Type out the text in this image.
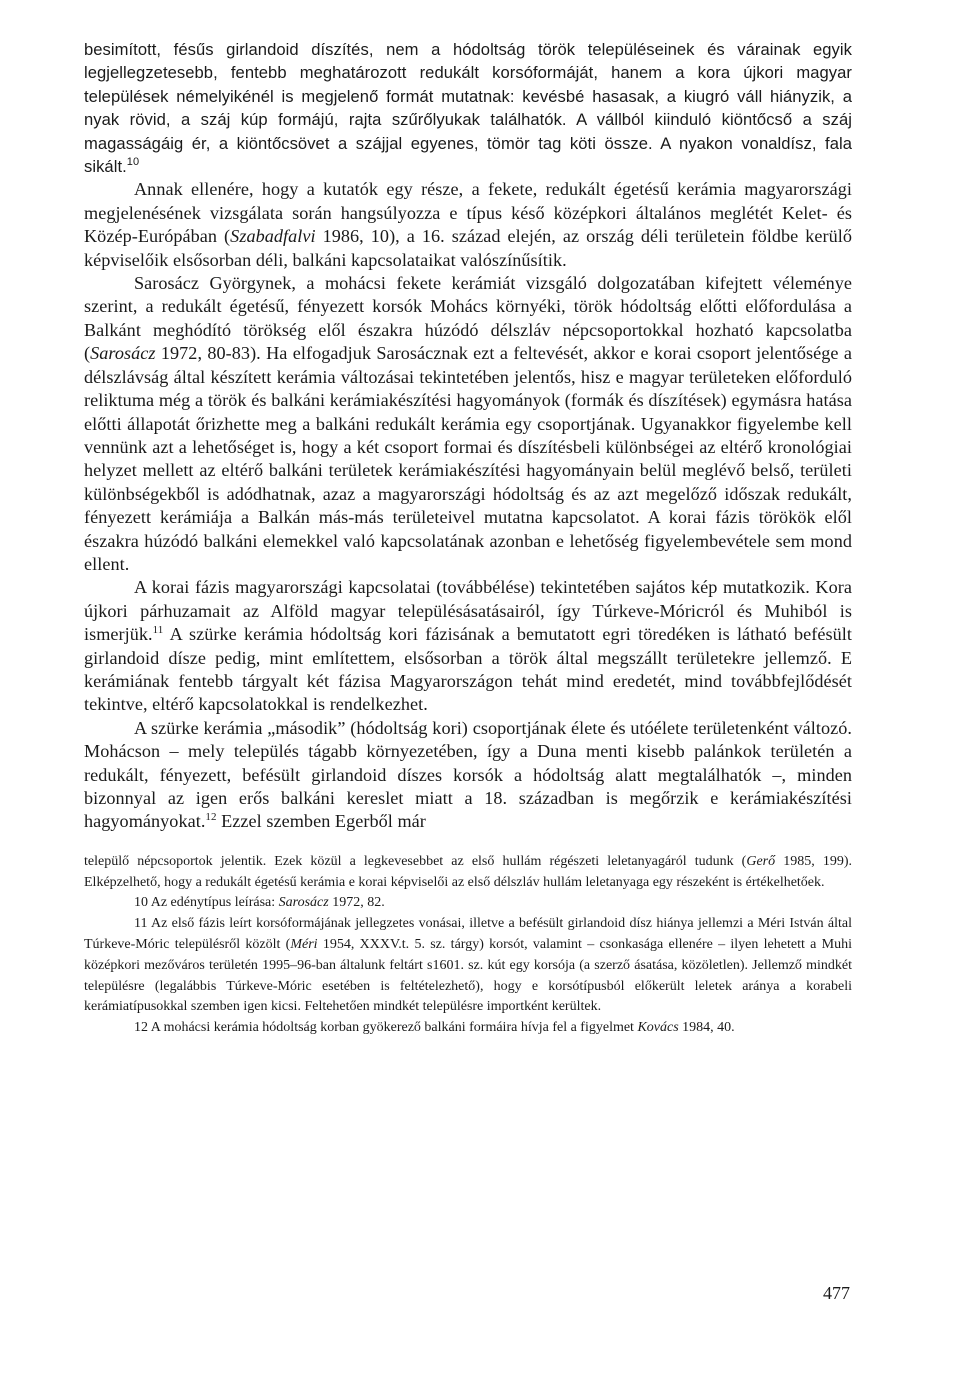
besimított, fésűs girlandoid díszítés, nem a hódoltság török településeinek és várainak egyik legjellegzetesebb, fentebb meghatározott redukált korsóformáját, hanem a kora újkori magyar települések némelyikénél is megjelenő formát mutatnak: kevésbé hasasak, a kiugró váll hiányzik, a nyak rövid, a száj kúp formájú, rajta szűrőlyukak találhatók. A vállból kiinduló kiöntőcső a száj magasságáig ér, a kiöntőcsövet a szájjal egyenes, tömör tag köti össze. A nyakon vonaldísz, fala sikált.$^{10}$

Annak ellenére, hogy a kutatók egy része, a fekete, redukált égetésű kerámia magyarországi megjelenésének vizsgálata során hangsúlyozza e típus késő középkori általános meglétét Kelet- és Közép-Európában (Szabadfalvi 1986, 10), a 16. század elején, az ország déli területein földbe kerülő képviselőik elsősorban déli, balkáni kapcsolataikat valószínűsítik.

Sarosácz Györgynek, a mohácsi fekete kerámiát vizsgáló dolgozatában kifejtett véleménye szerint, a redukált égetésű, fényezett korsók Mohács környéki, török hódoltság előtti előfordulása a Balkánt meghódító törökség elől északra húzódó délszláv népcsoportokkal hozható kapcsolatba (Sarosácz 1972, 80-83). Ha elfogadjuk Sarosácznak ezt a feltevését, akkor e korai csoport jelentősége a délszlávság által készített kerámia változásai tekintetében jelentős, hisz e magyar területeken előforduló reliktuma még a török és balkáni kerámiakészítési hagyományok (formák és díszítések) egymásra hatása előtti állapotát őrizhette meg a balkáni redukált kerámia egy csoportjának. Ugyanakkor figyelembe kell vennünk azt a lehetőséget is, hogy a két csoport formai és díszítésbeli különbségei az eltérő kronológiai helyzet mellett az eltérő balkáni területek kerámiakészítési hagyományain belül meglévő belső, területi különbségekből is adódhatnak, azaz a magyarországi hódoltság és az azt megelőző időszak redukált, fényezett kerámiája a Balkán más-más területeivel mutatna kapcsolatot. A korai fázis törökök elől északra húzódó balkáni elemekkel való kapcsolatának azonban e lehetőség figyelembevétele sem mond ellent.

A korai fázis magyarországi kapcsolatai (továbbélése) tekintetében sajátos kép mutatkozik. Kora újkori párhuzamait az Alföld magyar településásatásairól, így Túrkeve-Móricról és Muhiból is ismerjük.$^{11}$ A szürke kerámia hódoltság kori fázisának a bemutatott egri töredéken is látható befésült girlandoid dísze pedig, mint említettem, elsősorban a török által megszállt területekre jellemző. E kerámiának fentebb tárgyalt két fázisa Magyarországon tehát mind eredetét, mind továbbfejlődését tekintve, eltérő kapcsolatokkal is rendelkezhet.

A szürke kerámia „második” (hódoltság kori) csoportjának élete és utóélete területenként változó. Mohácson – mely település tágabb környezetében, így a Duna menti kisebb palánkok területén a redukált, fényezett, befésült girlandoid díszes korsók a hódoltság alatt megtalálhatók –, minden bizonnyal az igen erős balkáni kereslet miatt a 18. században is megőrzik e kerámiakészítési hagyományokat.$^{12}$ Ezzel szemben Egerből már

települő népcsoportok jelentik. Ezek közül a legkevesebbet az első hullám régészeti leletanyagáról tudunk (Gerő 1985, 199). Elképzelhető, hogy a redukált égetésű kerámia e korai képviselői az első délszláv hullám leletanyaga egy részeként is értékelhetőek.

10 Az edénytípus leírása: Sarosácz 1972, 82.

11 Az első fázis leírt korsóformájának jellegzetes vonásai, illetve a befésült girlandoid dísz hiánya jellemzi a Méri István által Túrkeve-Móric településről közölt (Méri 1954, XXXV.t. 5. sz. tárgy) korsót, valamint – csonkasága ellenére – ilyen lehetett a Muhi középkori mezőváros területén 1995–96-ban általunk feltárt s1601. sz. kút egy korsója (a szerző ásatása, közöletlen). Jellemző mindkét településre (legalábbis Túrkeve-Móric esetében is feltételezhető), hogy e korsótípusból előkerült leletek aránya a korabeli kerámiatípusokkal szemben igen kicsi. Feltehetően mindkét településre importként kerültek.

12 A mohácsi kerámia hódoltság korban gyökerező balkáni formáira hívja fel a figyelmet Kovács 1984, 40.

477
